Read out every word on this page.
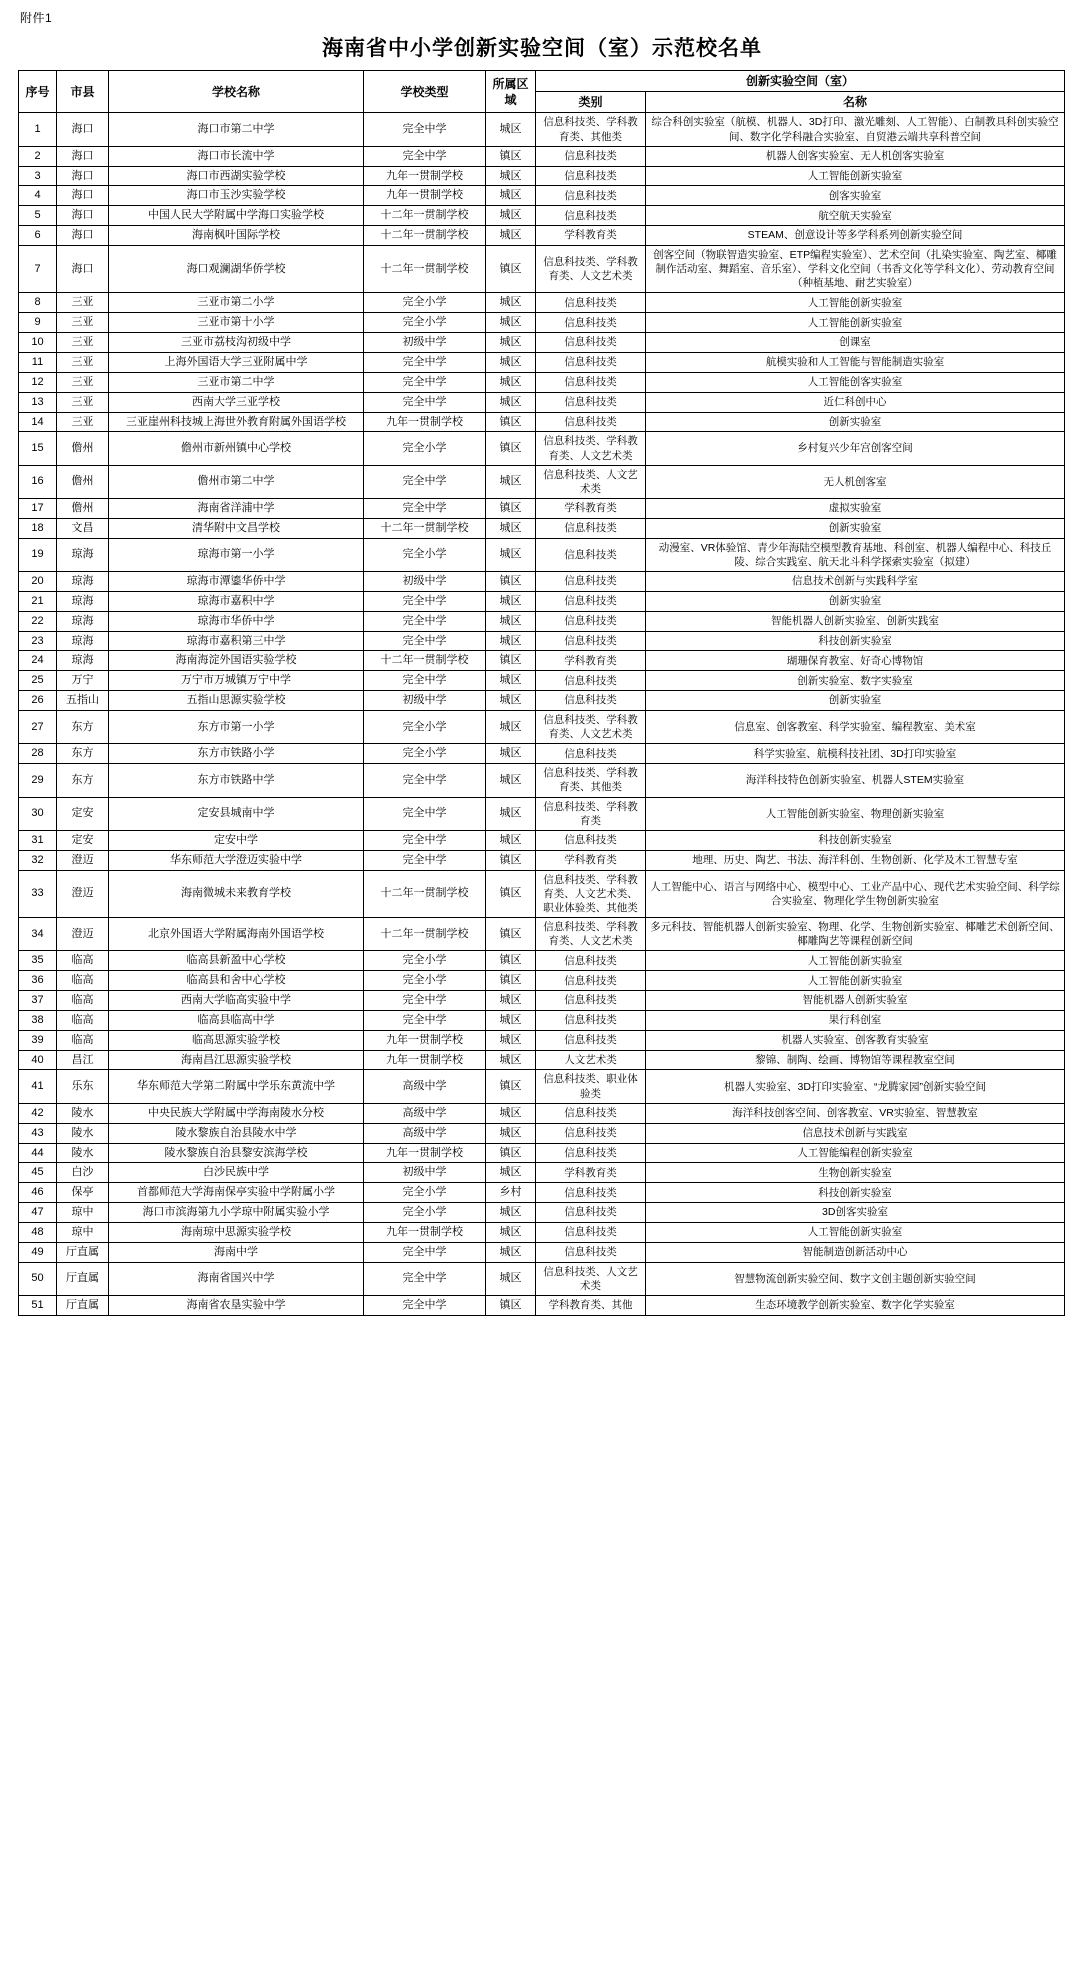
附件1
海南省中小学创新实验空间（室）示范校名单
序号	市县	学校名称	学校类型	所属区域	创新实验空间（室）	
					类别	名称
1	海口	海口市第二中学	完全中学	城区	信息科技类、学科教育类、其他类	综合科创实验室（航模、机器人、3D打印、激光雕刻、人工智能）、白制教具科创实验空间、数字化学科融合实验室、自贸港云端共享科普空间
2	海口	海口市长流中学	完全中学	镇区	信息科技类	机器人创客实验室、无人机创客实验室
3	海口	海口市西湖实验学校	九年一贯制学校	城区	信息科技类	人工智能创新实验室
4	海口	海口市玉沙实验学校	九年一贯制学校	城区	信息科技类	创客实验室
5	海口	中国人民大学附属中学海口实验学校	十二年一贯制学校	城区	信息科技类	航空航天实验室
6	海口	海南枫叶国际学校	十二年一贯制学校	城区	学科教育类	STEAM、创意设计等多学科系列创新实验空间
7	海口	海口观澜湖华侨学校	十二年一贯制学校	镇区	信息科技类、学科教育类、人文艺术类	创客空间（物联智造实验室、ETP编程实验室）、艺术空间（扎染实验室、陶艺室、椰雕制作活动室、舞蹈室、音乐室）、学科文化空间（书香文化等学科文化）、劳动教育空间（种植基地、耐艺实验室）
8	三亚	三亚市第二小学	完全小学	城区	信息科技类	人工智能创新实验室
9	三亚	三亚市第十小学	完全小学	城区	信息科技类	人工智能创新实验室
10	三亚	三亚市荔枝沟初级中学	初级中学	城区	信息科技类	创课室
11	三亚	上海外国语大学三亚附属中学	完全中学	城区	信息科技类	航模实验和人工智能与智能制造实验室
12	三亚	三亚市第二中学	完全中学	城区	信息科技类	人工智能创客实验室
13	三亚	西南大学三亚学校	完全中学	城区	信息科技类	近仁科创中心
14	三亚	三亚崖州科技城上海世外教育附属外国语学校	九年一贯制学校	镇区	信息科技类	创新实验室
15	儋州	儋州市新州镇中心学校	完全小学	镇区	信息科技类、学科教育类、人文艺术类	乡村复兴少年宫创客空间
16	儋州	儋州市第二中学	完全中学	城区	信息科技类、人文艺术类	无人机创客室
17	儋州	海南省洋浦中学	完全中学	镇区	学科教育类	虚拟实验室
18	文昌	清华附中文昌学校	十二年一贯制学校	城区	信息科技类	创新实验室
19	琼海	琼海市第一小学	完全小学	城区	信息科技类	动漫室、VR体验馆、青少年海陆空模型教育基地、科创室、机器人编程中心、科技丘陵、综合实践室、航天北斗科学探索实验室（拟建）
20	琼海	琼海市潭鎏华侨中学	初级中学	镇区	信息科技类	信息技术创新与实践科学室
21	琼海	琼海市嘉积中学	完全中学	城区	信息科技类	创新实验室
22	琼海	琼海市华侨中学	完全中学	城区	信息科技类	智能机器人创新实验室、创新实践室
23	琼海	琼海市嘉积第三中学	完全中学	城区	信息科技类	科技创新实验室
24	琼海	海南海淀外国语实验学校	十二年一贯制学校	镇区	学科教育类	瑚珊保育教室、好奇心博物馆
25	万宁	万宁市万城镇万宁中学	完全中学	城区	信息科技类	创新实验室、数字实验室
26	五指山	五指山思源实验学校	初级中学	城区	信息科技类	创新实验室
27	东方	东方市第一小学	完全小学	城区	信息科技类、学科教育类、人文艺术类	信息室、创客教室、科学实验室、编程教室、美术室
28	东方	东方市铁路小学	完全小学	城区	信息科技类	科学实验室、航模科技社团、3D打印实验室
29	东方	东方市铁路中学	完全中学	城区	信息科技类、学科教育类、其他类	海洋科技特色创新实验室、机器人STEM实验室
30	定安	定安县城南中学	完全中学	城区	信息科技类、学科教育类	人工智能创新实验室、物理创新实验室
31	定安	定安中学	完全中学	城区	信息科技类	科技创新实验室
32	澄迈	华东师范大学澄迈实验中学	完全中学	镇区	学科教育类	地理、历史、陶艺、书法、海洋科创、生物创新、化学及木工智慧专室
33	澄迈	海南微城未来教育学校	十二年一贯制学校	镇区	信息科技类、学科教育类、人文艺术类、职业体验类、其他类	人工智能中心、语言与网络中心、模型中心、工业产品中心、现代艺术实验空间、科学综合实验室、物理化学生物创新实验室
34	澄迈	北京外国语大学附属海南外国语学校	十二年一贯制学校	镇区	信息科技类、学科教育类、人文艺术类	多元科技、智能机器人创新实验室、物理、化学、生物创新实验室、椰雕艺术创新空间、椰雕陶艺等课程创新空间
35	临高	临高县新盈中心学校	完全小学	镇区	信息科技类	人工智能创新实验室
36	临高	临高县和舍中心学校	完全小学	镇区	信息科技类	人工智能创新实验室
37	临高	西南大学临高实验中学	完全中学	城区	信息科技类	智能机器人创新实验室
38	临高	临高县临高中学	完全中学	城区	信息科技类	果行科创室
39	临高	临高思源实验学校	九年一贯制学校	城区	信息科技类	机器人实验室、创客教育实验室
40	昌江	海南昌江思源实验学校	九年一贯制学校	城区	人文艺术类	黎锦、制陶、绘画、博物馆等课程教室空间
41	乐东	华东师范大学第二附属中学乐东黄流中学	高级中学	镇区	信息科技类、职业体验类	机器人实验室、3D打印实验室、“龙腾家园”创新实验空间
42	陵水	中央民族大学附属中学海南陵水分校	高级中学	城区	信息科技类	海洋科技创客空间、创客教室、VR实验室、智慧教室
43	陵水	陵水黎族自治县陵水中学	高级中学	城区	信息科技类	信息技术创新与实践室
44	陵水	陵水黎族自治县黎安滨海学校	九年一贯制学校	镇区	信息科技类	人工智能编程创新实验室
45	白沙	白沙民族中学	初级中学	城区	学科教育类	生物创新实验室
46	保亭	首都师范大学海南保亭实验中学附属小学	完全小学	乡村	信息科技类	科技创新实验室
47	琼中	海口市滨海第九小学琼中附属实验小学	完全小学	城区	信息科技类	3D创客实验室
48	琼中	海南琼中思源实验学校	九年一贯制学校	城区	信息科技类	人工智能创新实验室
49	厅直属	海南中学	完全中学	城区	信息科技类	智能制造创新活动中心
50	厅直属	海南省国兴中学	完全中学	城区	信息科技类、人文艺术类	智慧物流创新实验空间、数字文创主题创新实验空间
51	厅直属	海南省农垦实验中学	完全中学	镇区	学科教育类、其他	生态环境教学创新实验室、数字化学实验室
